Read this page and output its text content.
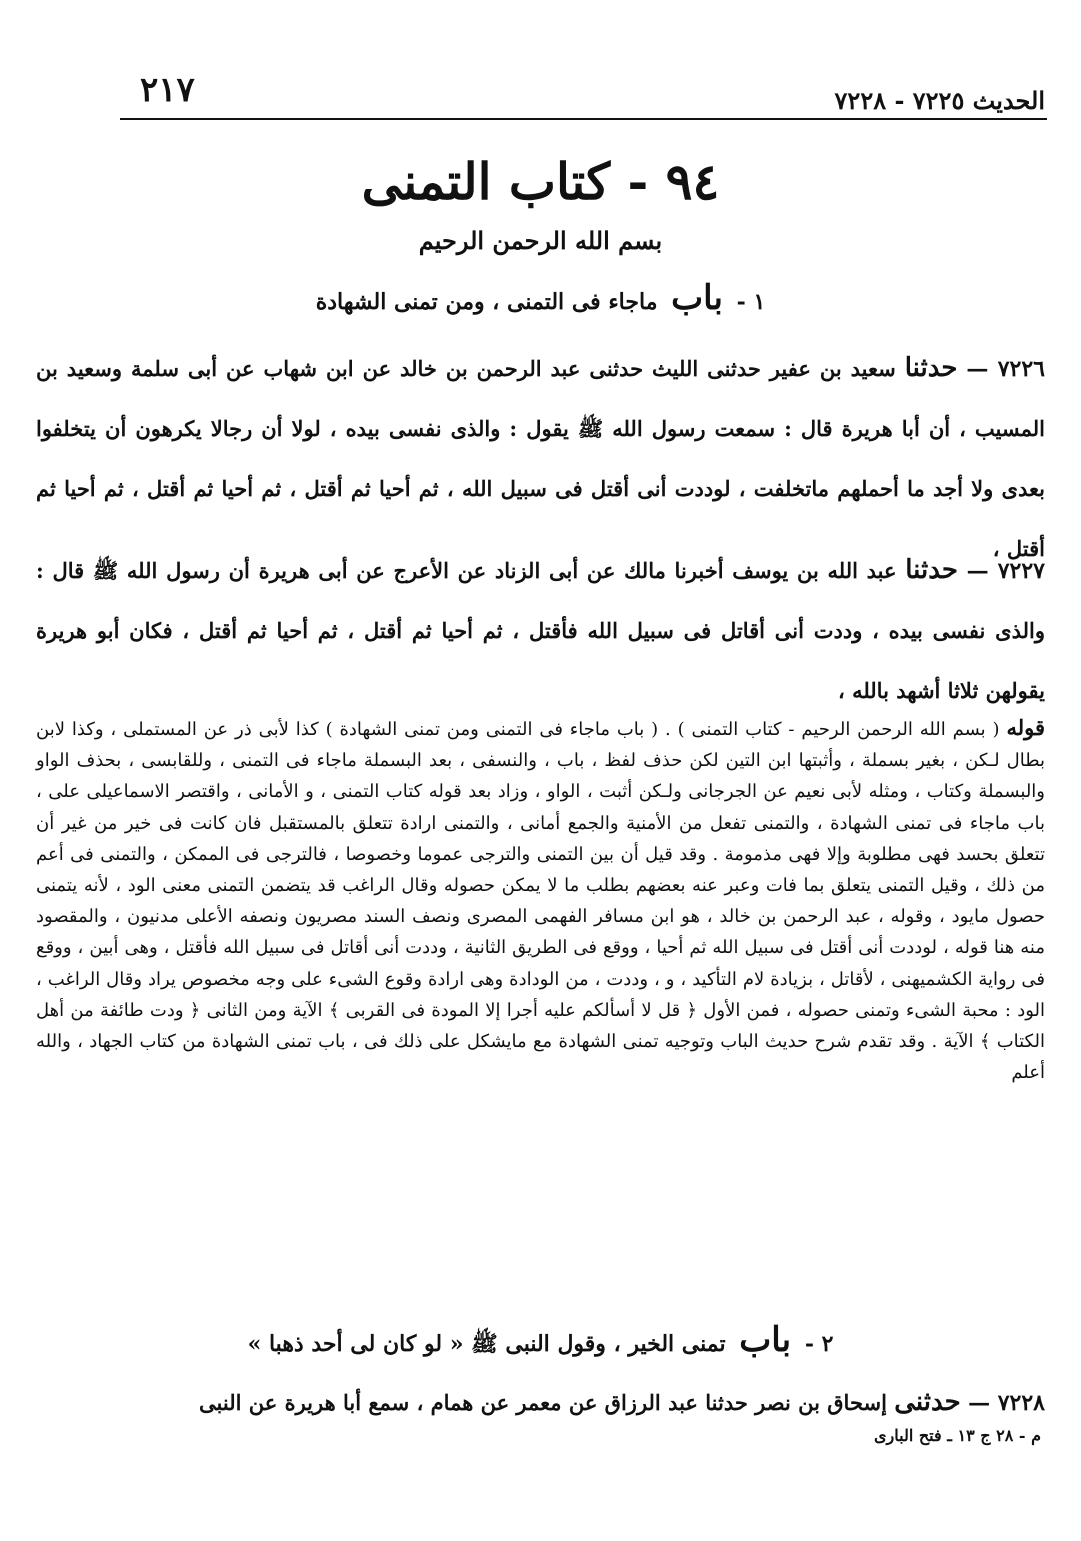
٢١٧	الحديث ٧٢٢٥ - ٧٢٢٨
٩٤ - كتاب التمنى
بسم الله الرحمن الرحيم
١ - باب ماجاء فى التمنى ، ومن تمنى الشهادة
٧٢٢٦ — حدثنا سعيد بن عفير حدثنى الليث حدثنى عبد الرحمن بن خالد عن ابن شهاب عن أبى سلمة وسعيد بن المسيب ، أن أبا هريرة قال : سمعت رسول الله ﷺ يقول : والذى نفسى بيده ، لولا أن رجالا يكرهون أن يتخلفوا بعدى ولا أجد ما أحملهم ماتخلفت ، لوددت أنى أقتل فى سبيل الله ، ثم أحيا ثم أقتل ، ثم أحيا ثم أقتل ، ثم أحيا ثم أقتل ،
٧٢٢٧ — حدثنا عبد الله بن يوسف أخبرنا مالك عن أبى الزناد عن الأعرج عن أبى هريرة أن رسول الله ﷺ قال : والذى نفسى بيده ، وددت أنى أقاتل فى سبيل الله فأقتل ، ثم أحيا ثم أقتل ، ثم أحيا ثم أقتل ، فكان أبو هريرة يقولهن ثلاثا أشهد بالله ،
قوله ( بسم الله الرحمن الرحيم - كتاب التمنى ) . ( باب ماجاء فى التمنى ومن تمنى الشهادة ) كذا لأبى ذر عن المستملى ، وكذا لابن بطال لـكن ، بغير بسملة ، وأثبتها ابن التين لكن حذف لفظ ، باب ، والنسفى ، بعد البسملة ماجاء فى التمنى ، وللقابسى ، بحذف الواو والبسملة وكتاب ، ومثله لأبى نعيم عن الجرجانى ولـكن أثبت ، الواو ، وزاد بعد قوله كتاب التمنى ، و الأمانى ، واقتصر الاسماعيلى على ، باب ماجاء فى تمنى الشهادة ، والتمنى تفعل من الأمنية والجمع أمانى ، والتمنى ارادة تتعلق بالمستقبل فان كانت فى خير من غير أن تتعلق بحسد فهى مطلوبة وإلا فهى مذمومة . وقد قيل أن بين التمنى والترجى عموما وخصوصا ، فالترجى فى الممكن ، والتمنى فى أعم من ذلك ، وقيل التمنى يتعلق بما فات وعبر عنه بعضهم بطلب ما لا يمكن حصوله وقال الراغب قد يتضمن التمنى معنى الود ، لأنه يتمنى حصول مايود ، وقوله ، عبد الرحمن بن خالد ، هو ابن مسافر الفهمى المصرى ونصف السند مصريون ونصفه الأعلى مدنيون ، والمقصود منه هنا قوله ، لوددت أنى أقتل فى سبيل الله ثم أحيا ، ووقع فى الطريق الثانية ، وددت أنى أقاتل فى سبيل الله فأقتل ، وهى أبين ، ووقع فى رواية الكشميهنى ، لأقاتل ، بزيادة لام التأكيد ، و ، وددت ، من الودادة وهى ارادة وقوع الشىء على وجه مخصوص يراد وقال الراغب ، الود : محبة الشىء وتمنى حصوله ، فمن الأول ﴿ قل لا أسألكم عليه أجرا إلا المودة فى القربى ﴾ الآية ومن الثانى ﴿ ودت طائفة من أهل الكتاب ﴾ الآية . وقد تقدم شرح حديث الباب وتوجيه تمنى الشهادة مع مايشكل على ذلك فى ، باب تمنى الشهادة من كتاب الجهاد ، والله أعلم
٢ - باب تمنى الخير ، وقول النبى ﷺ « لو كان لى أحد ذهبا »
٧٢٢٨ — حدثنى إسحاق بن نصر حدثنا عبد الرزاق عن معمر عن همام ، سمع أبا هريرة عن النبى
م - ٢٨ ج ١٣ ـ فتح البارى
